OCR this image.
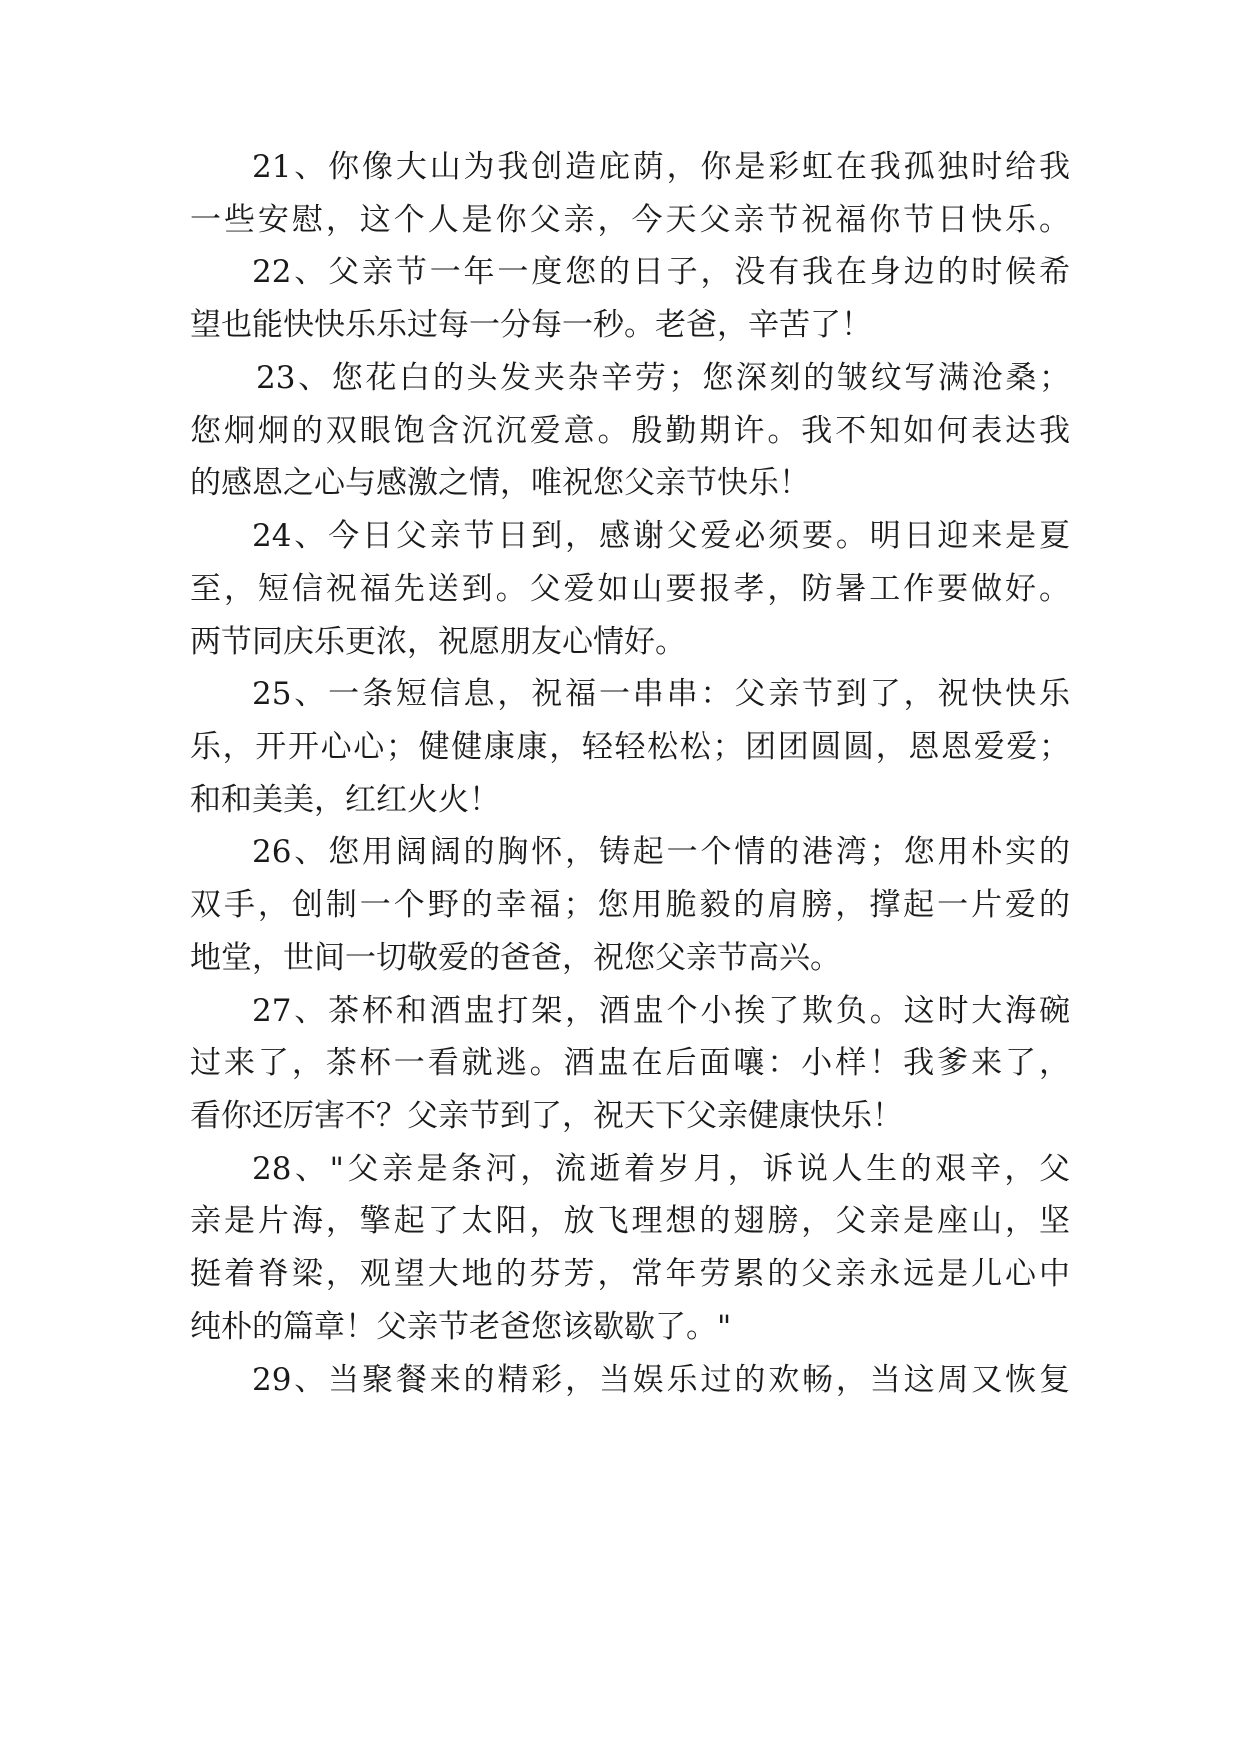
21、你像大山为我创造庇荫，你是彩虹在我孤独时给我
一些安慰，这个人是你父亲，今天父亲节祝福你节日快乐。
22、父亲节一年一度您的日子，没有我在身边的时候希
望也能快快乐乐过每一分每一秒。老爸，辛苦了！
23、您花白的头发夹杂辛劳；您深刻的皱纹写满沧桑；
您炯炯的双眼饱含沉沉爱意。殷勤期许。我不知如何表达我
的感恩之心与感激之情，唯祝您父亲节快乐！
24、今日父亲节日到，感谢父爱必须要。明日迎来是夏
至，短信祝福先送到。父爱如山要报孝，防暑工作要做好。
两节同庆乐更浓，祝愿朋友心情好。
25、一条短信息，祝福一串串：父亲节到了，祝快快乐
乐，开开心心；健健康康，轻轻松松；团团圆圆，恩恩爱爱；
和和美美，红红火火！
26、您用阔阔的胸怀，铸起一个情的港湾；您用朴实的
双手，创制一个野的幸福；您用脆毅的肩膀，撑起一片爱的
地堂，世间一切敬爱的爸爸，祝您父亲节高兴。
27、茶杯和酒盅打架，酒盅个小挨了欺负。这时大海碗
过来了，茶杯一看就逃。酒盅在后面嚷：小样！我爹来了，
看你还厉害不？父亲节到了，祝天下父亲健康快乐！
28、"父亲是条河，流逝着岁月，诉说人生的艰辛，父
亲是片海，擎起了太阳，放飞理想的翅膀，父亲是座山，坚
挺着脊梁，观望大地的芬芳，常年劳累的父亲永远是儿心中
纯朴的篇章！父亲节老爸您该歇歇了。"
29、当聚餐来的精彩，当娱乐过的欢畅，当这周又恢复
